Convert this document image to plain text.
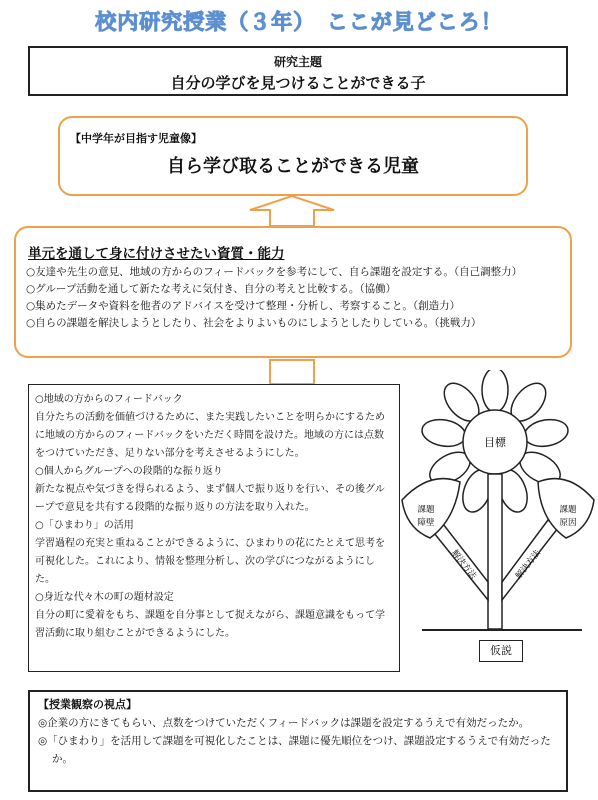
校内研究授業（３年）　ここが見どころ！
研究主題
自分の学びを見つけることができる子
【中学年が目指す児童像】
自ら学び取ることができる児童
単元を通して身に付けさせたい資質・能力
○友達や先生の意見、地域の方からのフィードバックを参考にして、自ら課題を設定する。（自己調整力）
○グループ活動を通して新たな考えに気付き、自分の考えと比較する。（協働）
○集めたデータや資料を他者のアドバイスを受けて整理・分析し、考察すること。（創造力）
○自らの課題を解決しようとしたり、社会をよりよいものにしようとしたりしている。（挑戦力）
○地域の方からのフィードバック
自分たちの活動を価値づけるために、また実践したいことを明らかにするために地域の方からのフィードバックをいただく時間を設けた。地域の方には点数をつけていただき、足りない部分を考えさせるようにした。
○個人からグループへの段階的な振り返り
新たな視点や気づきを得られるよう、まず個人で振り返りを行い、その後グループで意見を共有する段階的な振り返りの方法を取り入れた。
○「ひまわり」の活用
学習過程の充実と重ねることができるように、ひまわりの花にたとえて思考を可視化した。これにより、情報を整理分析し、次の学びにつながるようにした。
○身近な代々木の町の題材設定
自分の町に愛着をもち、課題を自分事として捉えながら、課題意識をもって学習活動に取り組むことができるようにした。
目標
課題
障壁
課題
原因
解決方法	解決方法
仮説
【授業観察の視点】
◎企業の方にきてもらい、点数をつけていただくフィードバックは課題を設定するうえで有効だったか。
◎「ひまわり」を活用して課題を可視化したことは、課題に優先順位をつけ、課題設定するうえで有効だったか。
